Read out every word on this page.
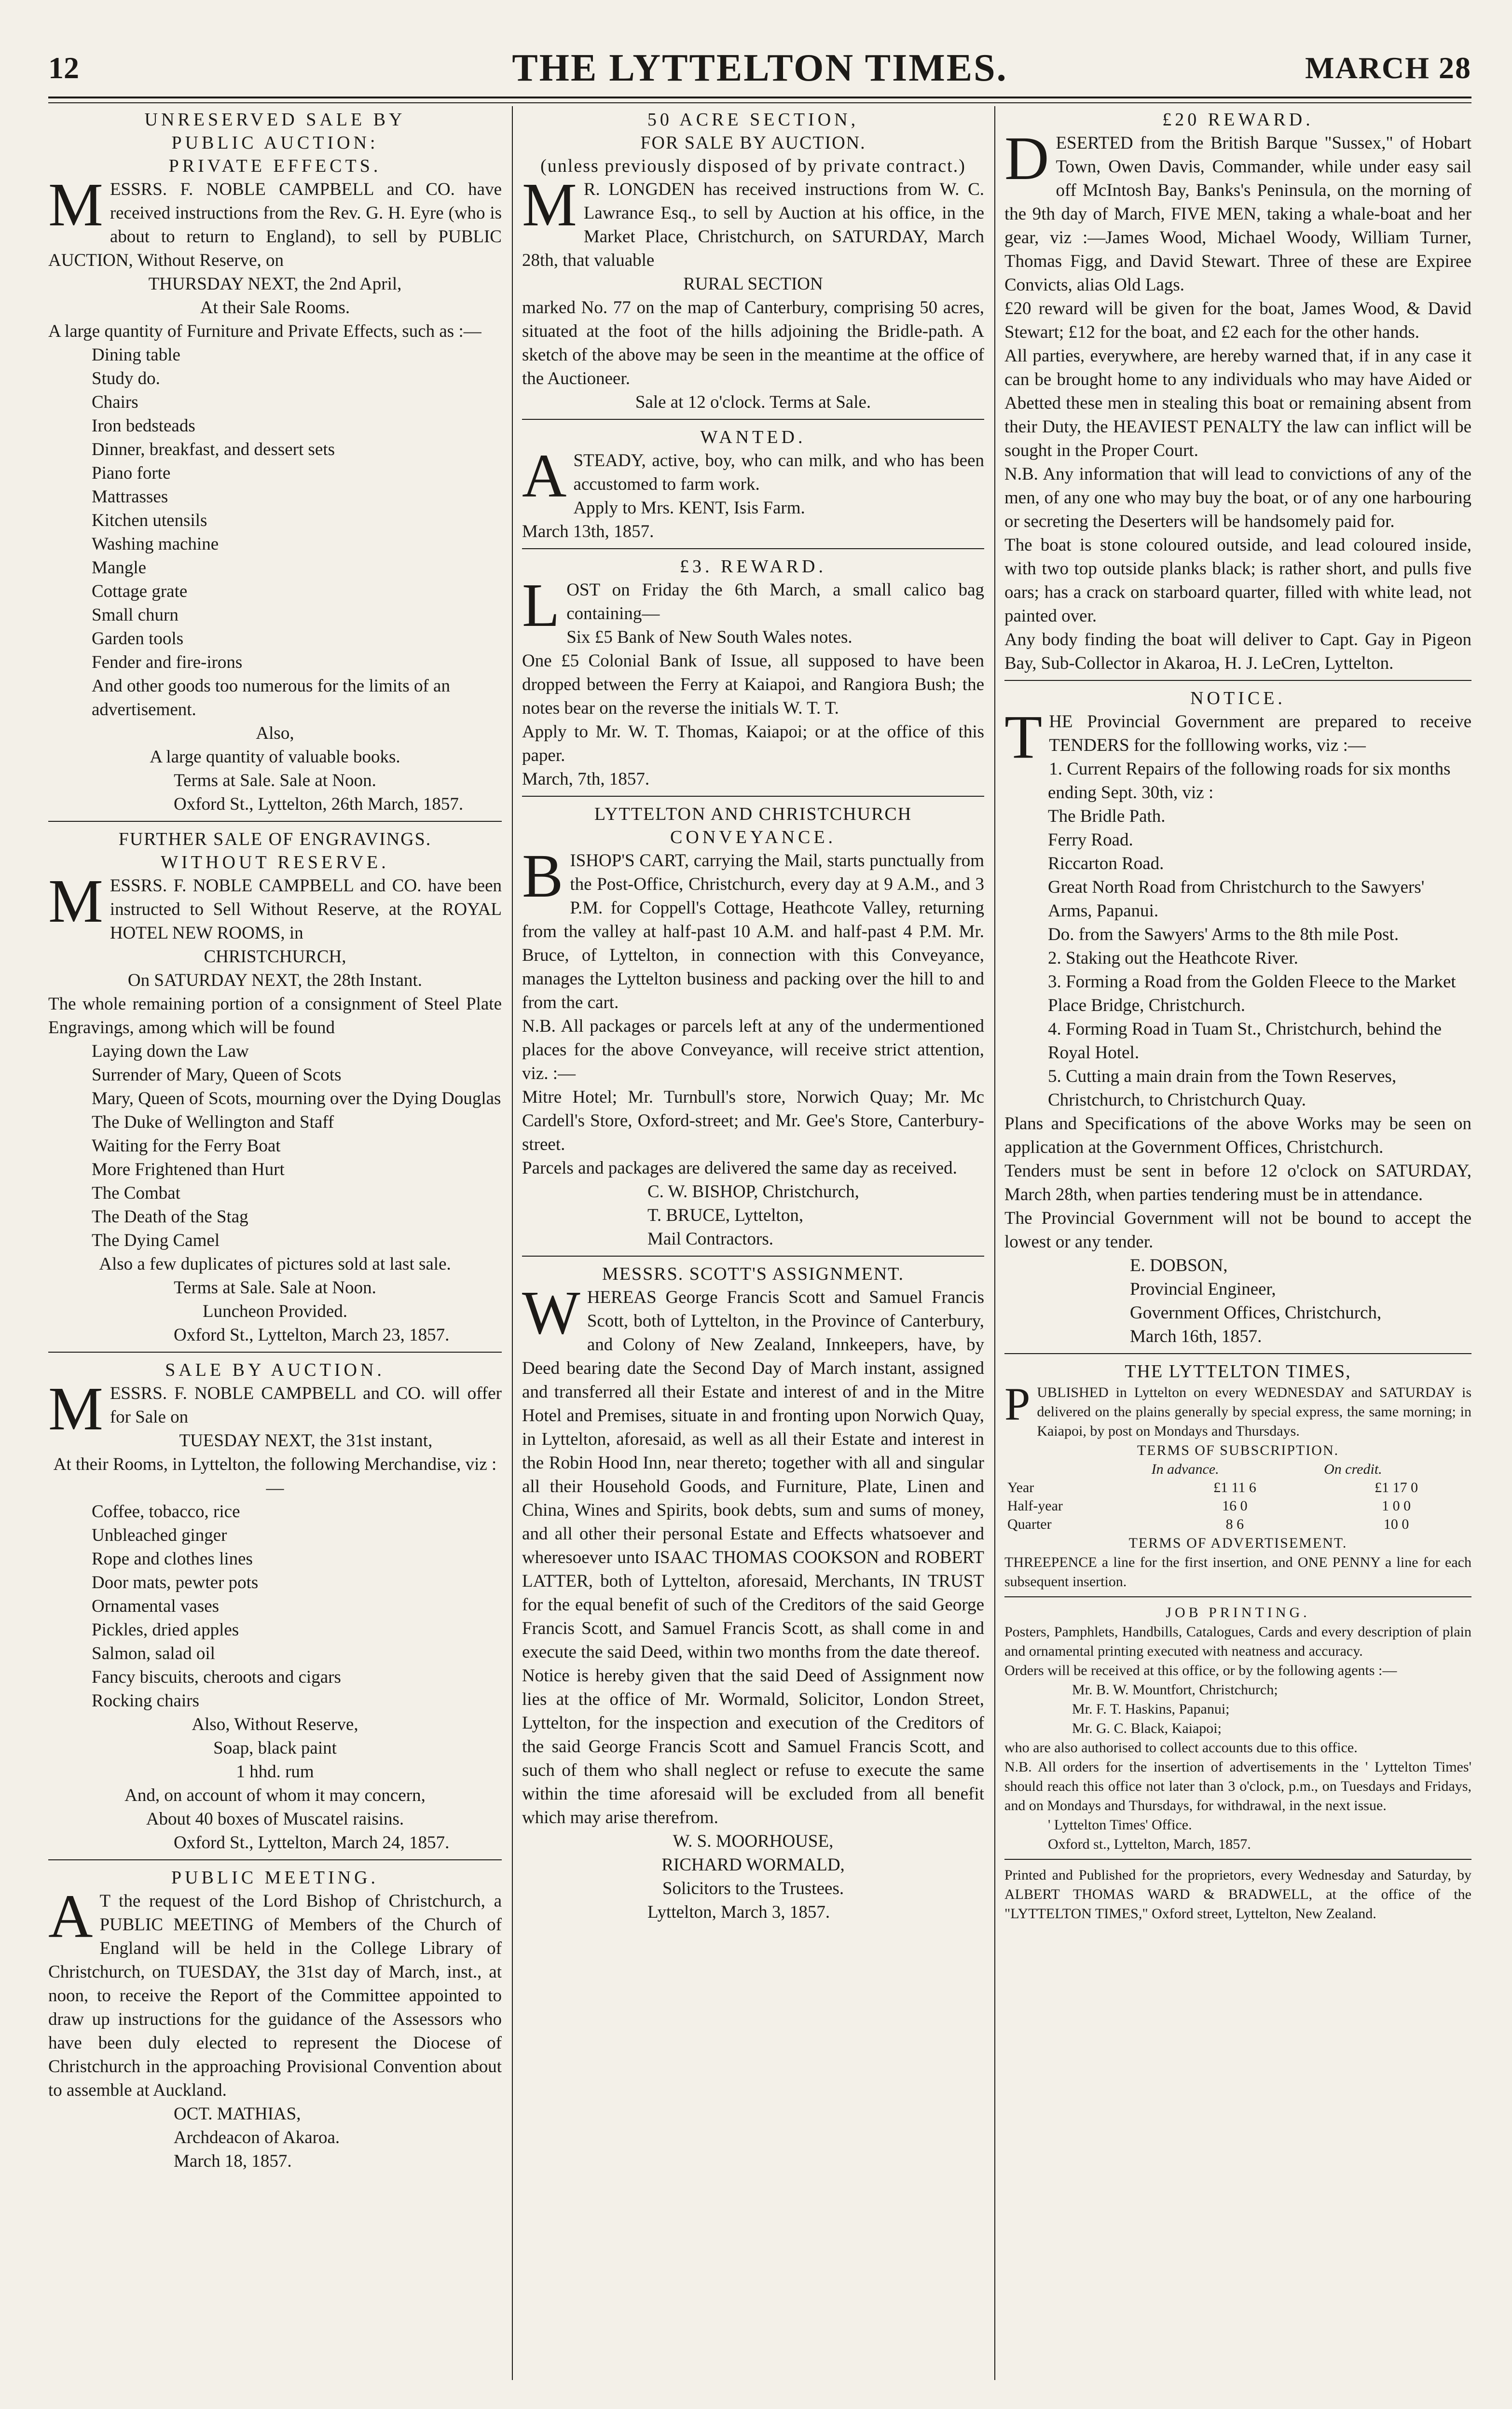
12	THE LYTTELTON TIMES.	MARCH 28
UNRESERVED SALE BY
PUBLIC AUCTION:
PRIVATE EFFECTS.
MESSRS. F. NOBLE CAMPBELL and CO. have received instructions from the Rev. G. H. Eyre (who is about to return to England), to sell by PUBLIC AUCTION, Without Reserve, on
THURSDAY NEXT, the 2nd April,
At their Sale Rooms.
A large quantity of Furniture and Private Effects, such as :—
Dining table
Study do.
Chairs
Iron bedsteads
Dinner, breakfast, and dessert sets
Piano forte
Mattrasses
Kitchen utensils
Washing machine
Mangle
Cottage grate
Small churn
Garden tools
Fender and fire-irons
And other goods too numerous for the limits of an advertisement.
Also,
A large quantity of valuable books.
Terms at Sale. Sale at Noon.
Oxford St., Lyttelton, 26th March, 1857.
FURTHER SALE OF ENGRAVINGS.
WITHOUT RESERVE.
MESSRS. F. NOBLE CAMPBELL and CO. have been instructed to Sell Without Reserve, at the ROYAL HOTEL NEW ROOMS, in
CHRISTCHURCH,
On SATURDAY NEXT, the 28th Instant.
The whole remaining portion of a consignment of Steel Plate Engravings, among which will be found
Laying down the Law
Surrender of Mary, Queen of Scots
Mary, Queen of Scots, mourning over the Dying Douglas
The Duke of Wellington and Staff
Waiting for the Ferry Boat
More Frightened than Hurt
The Combat
The Death of the Stag
The Dying Camel
Also a few duplicates of pictures sold at last sale.
Terms at Sale. Sale at Noon.
Luncheon Provided.
Oxford St., Lyttelton, March 23, 1857.
SALE BY AUCTION.
MESSRS. F. NOBLE CAMPBELL and CO. will offer for Sale on
TUESDAY NEXT, the 31st instant,
At their Rooms, in Lyttelton, the following Merchandise, viz :—
Coffee, tobacco, rice
Unbleached ginger
Rope and clothes lines
Door mats, pewter pots
Ornamental vases
Pickles, dried apples
Salmon, salad oil
Fancy biscuits, cheroots and cigars
Rocking chairs
Also, Without Reserve,
Soap, black paint
1 hhd. rum
And, on account of whom it may concern,
About 40 boxes of Muscatel raisins.
Oxford St., Lyttelton, March 24, 1857.
PUBLIC MEETING.
A T the request of the Lord Bishop of Christchurch, a PUBLIC MEETING of Members of the Church of England will be held in the College Library of Christchurch, on TUESDAY, the 31st day of March, inst., at noon, to receive the Report of the Committee appointed to draw up instructions for the guidance of the Assessors who have been duly elected to represent the Diocese of Christchurch in the approaching Provisional Convention about to assemble at Auckland.
OCT. MATHIAS,
Archdeacon of Akaroa.
March 18, 1857.
50 ACRE SECTION,
FOR SALE BY AUCTION.
(unless previously disposed of by private contract.)
M R. LONGDEN has received instructions from W. C. Lawrance Esq., to sell by Auction at his office, in the Market Place, Christchurch, on SATURDAY, March 28th, that valuable
RURAL SECTION
marked No. 77 on the map of Canterbury, comprising 50 acres, situated at the foot of the hills adjoining the Bridle-path. A sketch of the above may be seen in the meantime at the office of the Auctioneer.
Sale at 12 o'clock. Terms at Sale.
WANTED.
ASTEADY, active, boy, who can milk, and who has been accustomed to farm work.
Apply to Mrs. KENT, Isis Farm.
March 13th, 1857.
£3. REWARD.
LOST on Friday the 6th March, a small calico bag containing—
Six £5 Bank of New South Wales notes.
One £5 Colonial Bank of Issue, all supposed to have been dropped between the Ferry at Kaiapoi, and Rangiora Bush; the notes bear on the reverse the initials W. T. T.
Apply to Mr. W. T. Thomas, Kaiapoi; or at the office of this paper.
March, 7th, 1857.
LYTTELTON AND CHRISTCHURCH
CONVEYANCE.
BISHOP'S CART, carrying the Mail, starts punctually from the Post-Office, Christchurch, every day at 9 A.M., and 3 P.M. for Coppell's Cottage, Heathcote Valley, returning from the valley at half-past 10 A.M. and half-past 4 P.M. Mr. Bruce, of Lyttelton, in connection with this Conveyance, manages the Lyttelton business and packing over the hill to and from the cart.
N.B. All packages or parcels left at any of the undermentioned places for the above Conveyance, will receive strict attention, viz. :—
Mitre Hotel; Mr. Turnbull's store, Norwich Quay; Mr. Mc Cardell's Store, Oxford-street; and Mr. Gee's Store, Canterbury-street.
Parcels and packages are delivered the same day as received.
C. W. BISHOP, Christchurch,
T. BRUCE, Lyttelton,
Mail Contractors.
MESSRS. SCOTT'S ASSIGNMENT.
WHEREAS George Francis Scott and Samuel Francis Scott, both of Lyttelton, in the Province of Canterbury, and Colony of New Zealand, Innkeepers, have, by Deed bearing date the Second Day of March instant, assigned and transferred all their Estate and interest of and in the Mitre Hotel and Premises, situate in and fronting upon Norwich Quay, in Lyttelton, aforesaid, as well as all their Estate and interest in the Robin Hood Inn, near thereto; together with all and singular all their Household Goods, and Furniture, Plate, Linen and China, Wines and Spirits, book debts, sum and sums of money, and all other their personal Estate and Effects whatsoever and wheresoever unto ISAAC THOMAS COOKSON and ROBERT LATTER, both of Lyttelton, aforesaid, Merchants, IN TRUST for the equal benefit of such of the Creditors of the said George Francis Scott, and Samuel Francis Scott, as shall come in and execute the said Deed, within two months from the date thereof.
Notice is hereby given that the said Deed of Assignment now lies at the office of Mr. Wormald, Solicitor, London Street, Lyttelton, for the inspection and execution of the Creditors of the said George Francis Scott and Samuel Francis Scott, and such of them who shall neglect or refuse to execute the same within the time aforesaid will be excluded from all benefit which may arise therefrom.
W. S. MOORHOUSE,
RICHARD WORMALD,
Solicitors to the Trustees.
Lyttelton, March 3, 1857.
£20 REWARD.
DESERTED from the British Barque "Sussex," of Hobart Town, Owen Davis, Commander, while under easy sail off McIntosh Bay, Banks's Peninsula, on the morning of the 9th day of March, FIVE MEN, taking a whale-boat and her gear, viz :—James Wood, Michael Woody, William Turner, Thomas Figg, and David Stewart. Three of these are Expiree Convicts, alias Old Lags.
£20 reward will be given for the boat, James Wood, & David Stewart; £12 for the boat, and £2 each for the other hands.
All parties, everywhere, are hereby warned that, if in any case it can be brought home to any individuals who may have Aided or Abetted these men in stealing this boat or remaining absent from their Duty, the HEAVIEST PENALTY the law can inflict will be sought in the Proper Court.
N.B. Any information that will lead to convictions of any of the men, of any one who may buy the boat, or of any one harbouring or secreting the Deserters will be handsomely paid for.
The boat is stone coloured outside, and lead coloured inside, with two top outside planks black; is rather short, and pulls five oars; has a crack on starboard quarter, filled with white lead, not painted over.
Any body finding the boat will deliver to Capt. Gay in Pigeon Bay, Sub-Collector in Akaroa, H. J. LeCren, Lyttelton.
NOTICE.
THE Provincial Government are prepared to receive TENDERS for the folllowing works, viz :—
1. Current Repairs of the following roads for six months ending Sept. 30th, viz :
The Bridle Path.
Ferry Road.
Riccarton Road.
Great North Road from Christchurch to the Sawyers' Arms, Papanui.
Do. from the Sawyers' Arms to the 8th mile Post.
2. Staking out the Heathcote River.
3. Forming a Road from the Golden Fleece to the Market Place Bridge, Christchurch.
4. Forming Road in Tuam St., Christchurch, behind the Royal Hotel.
5. Cutting a main drain from the Town Reserves, Christchurch, to Christchurch Quay.
Plans and Specifications of the above Works may be seen on application at the Government Offices, Christchurch.
Tenders must be sent in before 12 o'clock on SATURDAY, March 28th, when parties tendering must be in attendance.
The Provincial Government will not be bound to accept the lowest or any tender.
E. DOBSON,
Provincial Engineer,
Government Offices, Christchurch,
March 16th, 1857.
THE LYTTELTON TIMES,
PUBLISHED in Lyttelton on every WEDNESDAY and SATURDAY is delivered on the plains generally by special express, the same morning; in Kaiapoi, by post on Mondays and Thursdays.
TERMS OF SUBSCRIPTION.
	In advance.	On credit.
Year	£1 11 6	£1 17 0
Half-year	16 0	1 0 0
Quarter	8 6	10 0
TERMS OF ADVERTISEMENT.
THREEPENCE a line for the first insertion, and ONE PENNY a line for each subsequent insertion.
JOB PRINTING.
Posters, Pamphlets, Handbills, Catalogues, Cards and every description of plain and ornamental printing executed with neatness and accuracy.
Orders will be received at this office, or by the following agents :—
Mr. B. W. Mountfort, Christchurch;
Mr. F. T. Haskins, Papanui;
Mr. G. C. Black, Kaiapoi;
who are also authorised to collect accounts due to this office.
N.B. All orders for the insertion of advertisements in the ' Lyttelton Times' should reach this office not later than 3 o'clock, p.m., on Tuesdays and Fridays, and on Mondays and Thursdays, for withdrawal, in the next issue.
' Lyttelton Times' Office.
Oxford st., Lyttelton, March, 1857.
Printed and Published for the proprietors, every Wednesday and Saturday, by ALBERT THOMAS WARD & BRADWELL, at the office of the "LYTTELTON TIMES," Oxford street, Lyttelton, New Zealand.
